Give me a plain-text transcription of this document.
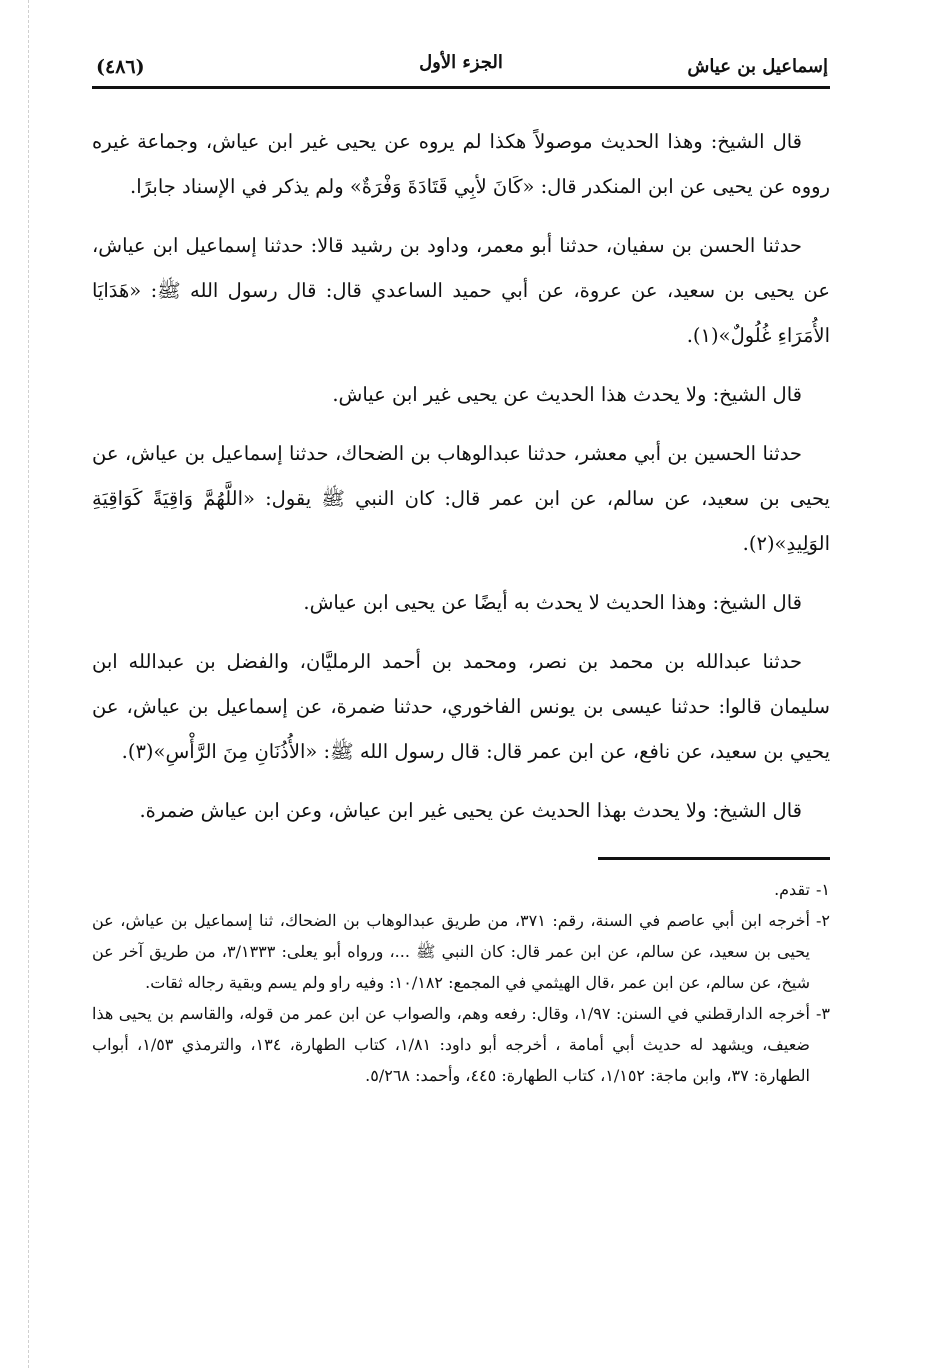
إسماعيل بن عياش
الجزء الأول
(٤٨٦)

قال الشيخ: وهذا الحديث موصولاً هكذا لم يروه عن يحيى غير ابن عياش، وجماعة غيره رووه عن يحيى عن ابن المنكدر قال: «كَانَ لأبِي قَتَادَةَ وَفْرَةٌ» ولم يذكر في الإسناد جابرًا.

حدثنا الحسن بن سفيان، حدثنا أبو معمر، وداود بن رشيد قالا: حدثنا إسماعيل ابن عياش، عن يحيى بن سعيد، عن عروة، عن أبي حميد الساعدي قال: قال رسول الله ﷺ: «هَدَايَا الأُمَرَاءِ غُلُولٌ»(١).

قال الشيخ: ولا يحدث هذا الحديث عن يحيى غير ابن عياش.

حدثنا الحسين بن أبي معشر، حدثنا عبدالوهاب بن الضحاك، حدثنا إسماعيل بن عياش، عن يحيى بن سعيد، عن سالم، عن ابن عمر قال: كان النبي ﷺ يقول: «اللَّهُمَّ وَاقِيَةً كَوَاقِيَةِ الوَلِيدِ»(٢).

قال الشيخ: وهذا الحديث لا يحدث به أيضًا عن يحيى ابن عياش.

حدثنا عبدالله بن محمد بن نصر، ومحمد بن أحمد الرمليَّان، والفضل بن عبدالله ابن سليمان قالوا: حدثنا عيسى بن يونس الفاخوري، حدثنا ضمرة، عن إسماعيل بن عياش، عن يحيي بن سعيد، عن نافع، عن ابن عمر قال: قال رسول الله ﷺ: «الأُذُنَانِ مِنَ الرَّأْسِ»(٣).

قال الشيخ: ولا يحدث بهذا الحديث عن يحيى غير ابن عياش، وعن ابن عياش ضمرة.

١-
تقدم.
٢-
أخرجه ابن أبي عاصم في السنة، رقم: ٣٧١، من طريق عبدالوهاب بن الضحاك، ثنا إسماعيل بن عياش، عن يحيى بن سعيد، عن سالم، عن ابن عمر قال: كان النبي ﷺ ...، ورواه أبو يعلى: ٣/١٣٣٣، من طريق آخر عن شيخ، عن سالم، عن ابن عمر ،قال الهيثمي في المجمع: ١٠/١٨٢: وفيه راو ولم يسم وبقية رجاله ثقات.
٣-
أخرجه الدارقطني في السنن: ١/٩٧، وقال: رفعه وهم، والصواب عن ابن عمر من قوله، والقاسم بن يحيى هذا ضعيف، ويشهد له حديث أبي أمامة ، أخرجه أبو داود: ١/٨١، كتاب الطهارة، ١٣٤، والترمذي ١/٥٣، أبواب الطهارة: ٣٧، وابن ماجة: ١/١٥٢، كتاب الطهارة: ٤٤٥، وأحمد: ٥/٢٦٨.
